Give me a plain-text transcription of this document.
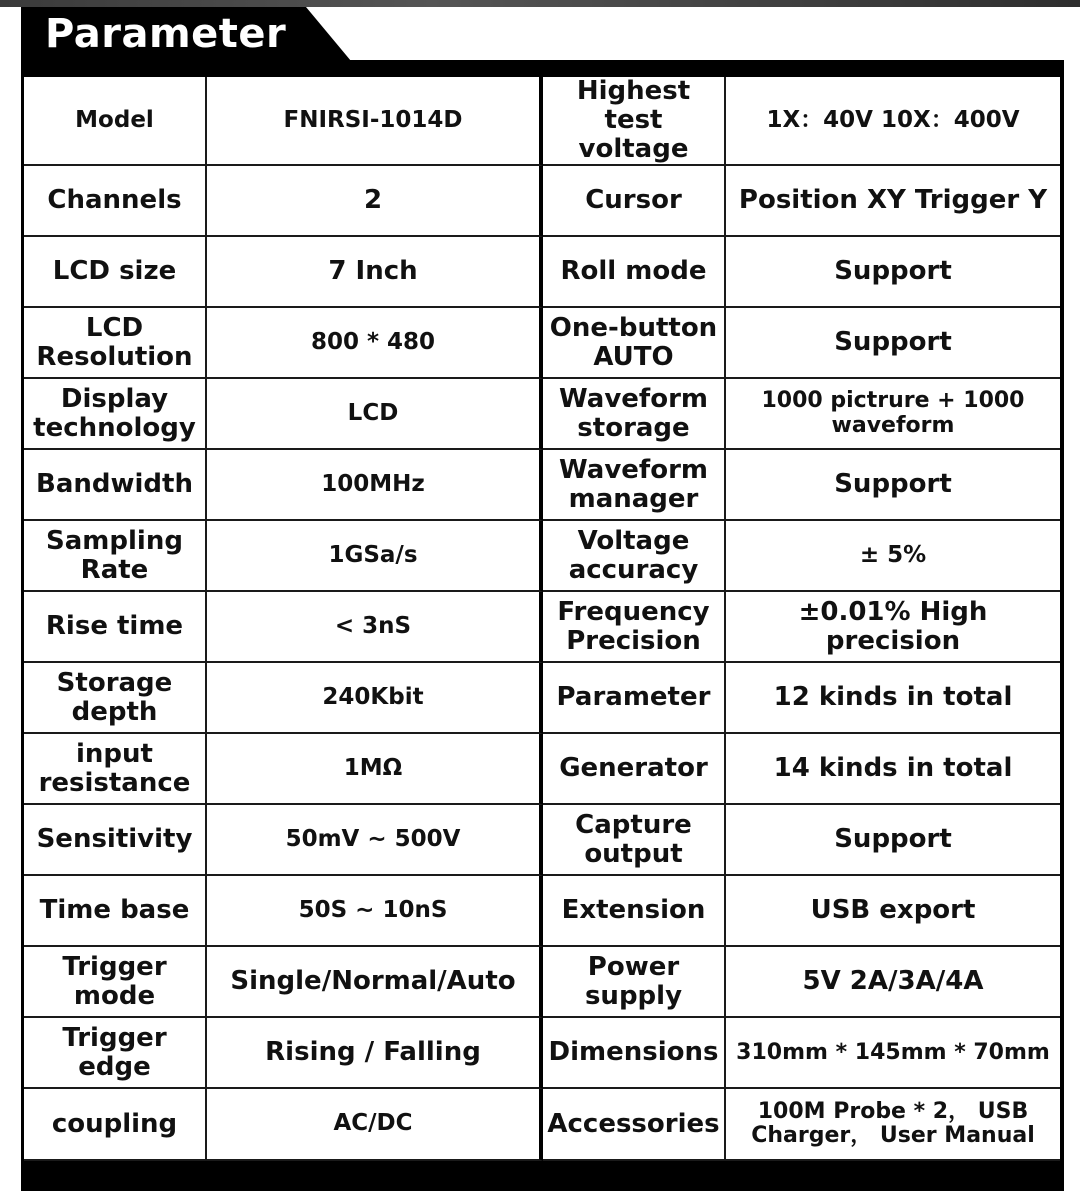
Parameter
Model	FNIRSI-1014D	Highest test voltage	1X：40V 10X：400V
Channels	2	Cursor	Position XY Trigger Y
LCD size	7 Inch	Roll mode	Support
LCD Resolution	800 * 480	One-button AUTO	Support
Display technology	LCD	Waveform storage	1000 pictrure + 1000 waveform
Bandwidth	100MHz	Waveform manager	Support
Sampling Rate	1GSa/s	Voltage accuracy	± 5%
Rise time	< 3nS	Frequency Precision	±0.01% High precision
Storage depth	240Kbit	Parameter	12 kinds in total
input resistance	1MΩ	Generator	14 kinds in total
Sensitivity	50mV ~ 500V	Capture output	Support
Time base	50S ~ 10nS	Extension	USB export
Trigger mode	Single/Normal/Auto	Power supply	5V 2A/3A/4A
Trigger edge	Rising / Falling	Dimensions	310mm * 145mm * 70mm
coupling	AC/DC	Accessories	100M Probe * 2， USB Charger， User Manual
